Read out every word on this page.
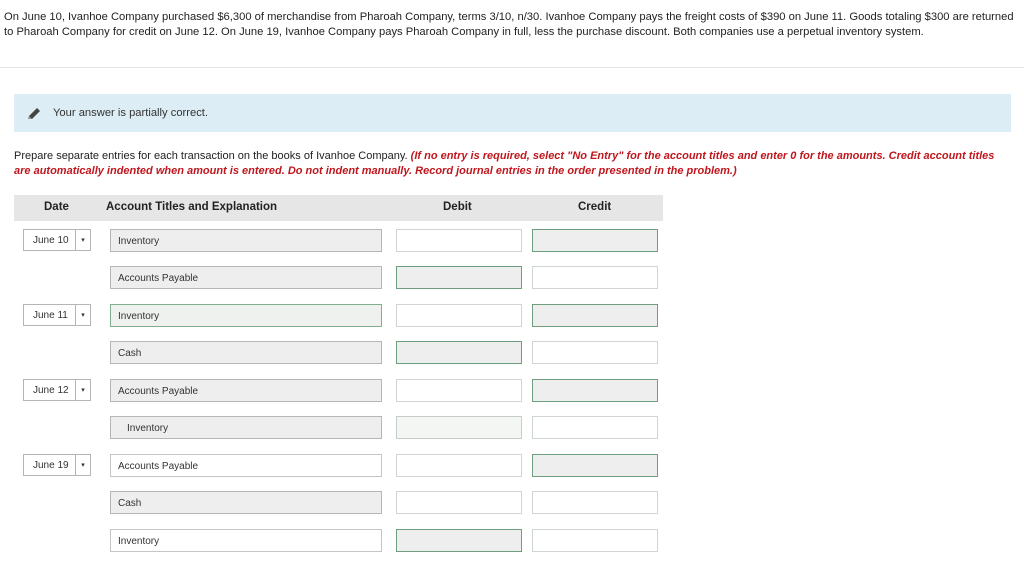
On June 10, Ivanhoe Company purchased $6,300 of merchandise from Pharoah Company, terms 3/10, n/30. Ivanhoe Company pays the freight costs of $390 on June 11. Goods totaling $300 are returned to Pharoah Company for credit on June 12. On June 19, Ivanhoe Company pays Pharoah Company in full, less the purchase discount. Both companies use a perpetual inventory system.
Your answer is partially correct.
Prepare separate entries for each transaction on the books of Ivanhoe Company. (If no entry is required, select "No Entry" for the account titles and enter 0 for the amounts. Credit account titles are automatically indented when amount is entered. Do not indent manually. Record journal entries in the order presented in the problem.)
Date	Account Titles and Explanation	Debit	Credit
June 10	▾	Inventory
Accounts Payable
June 11	▾	Inventory
Cash
June 12	▾	Accounts Payable
Inventory
June 19	▾	Accounts Payable
Cash
Inventory
